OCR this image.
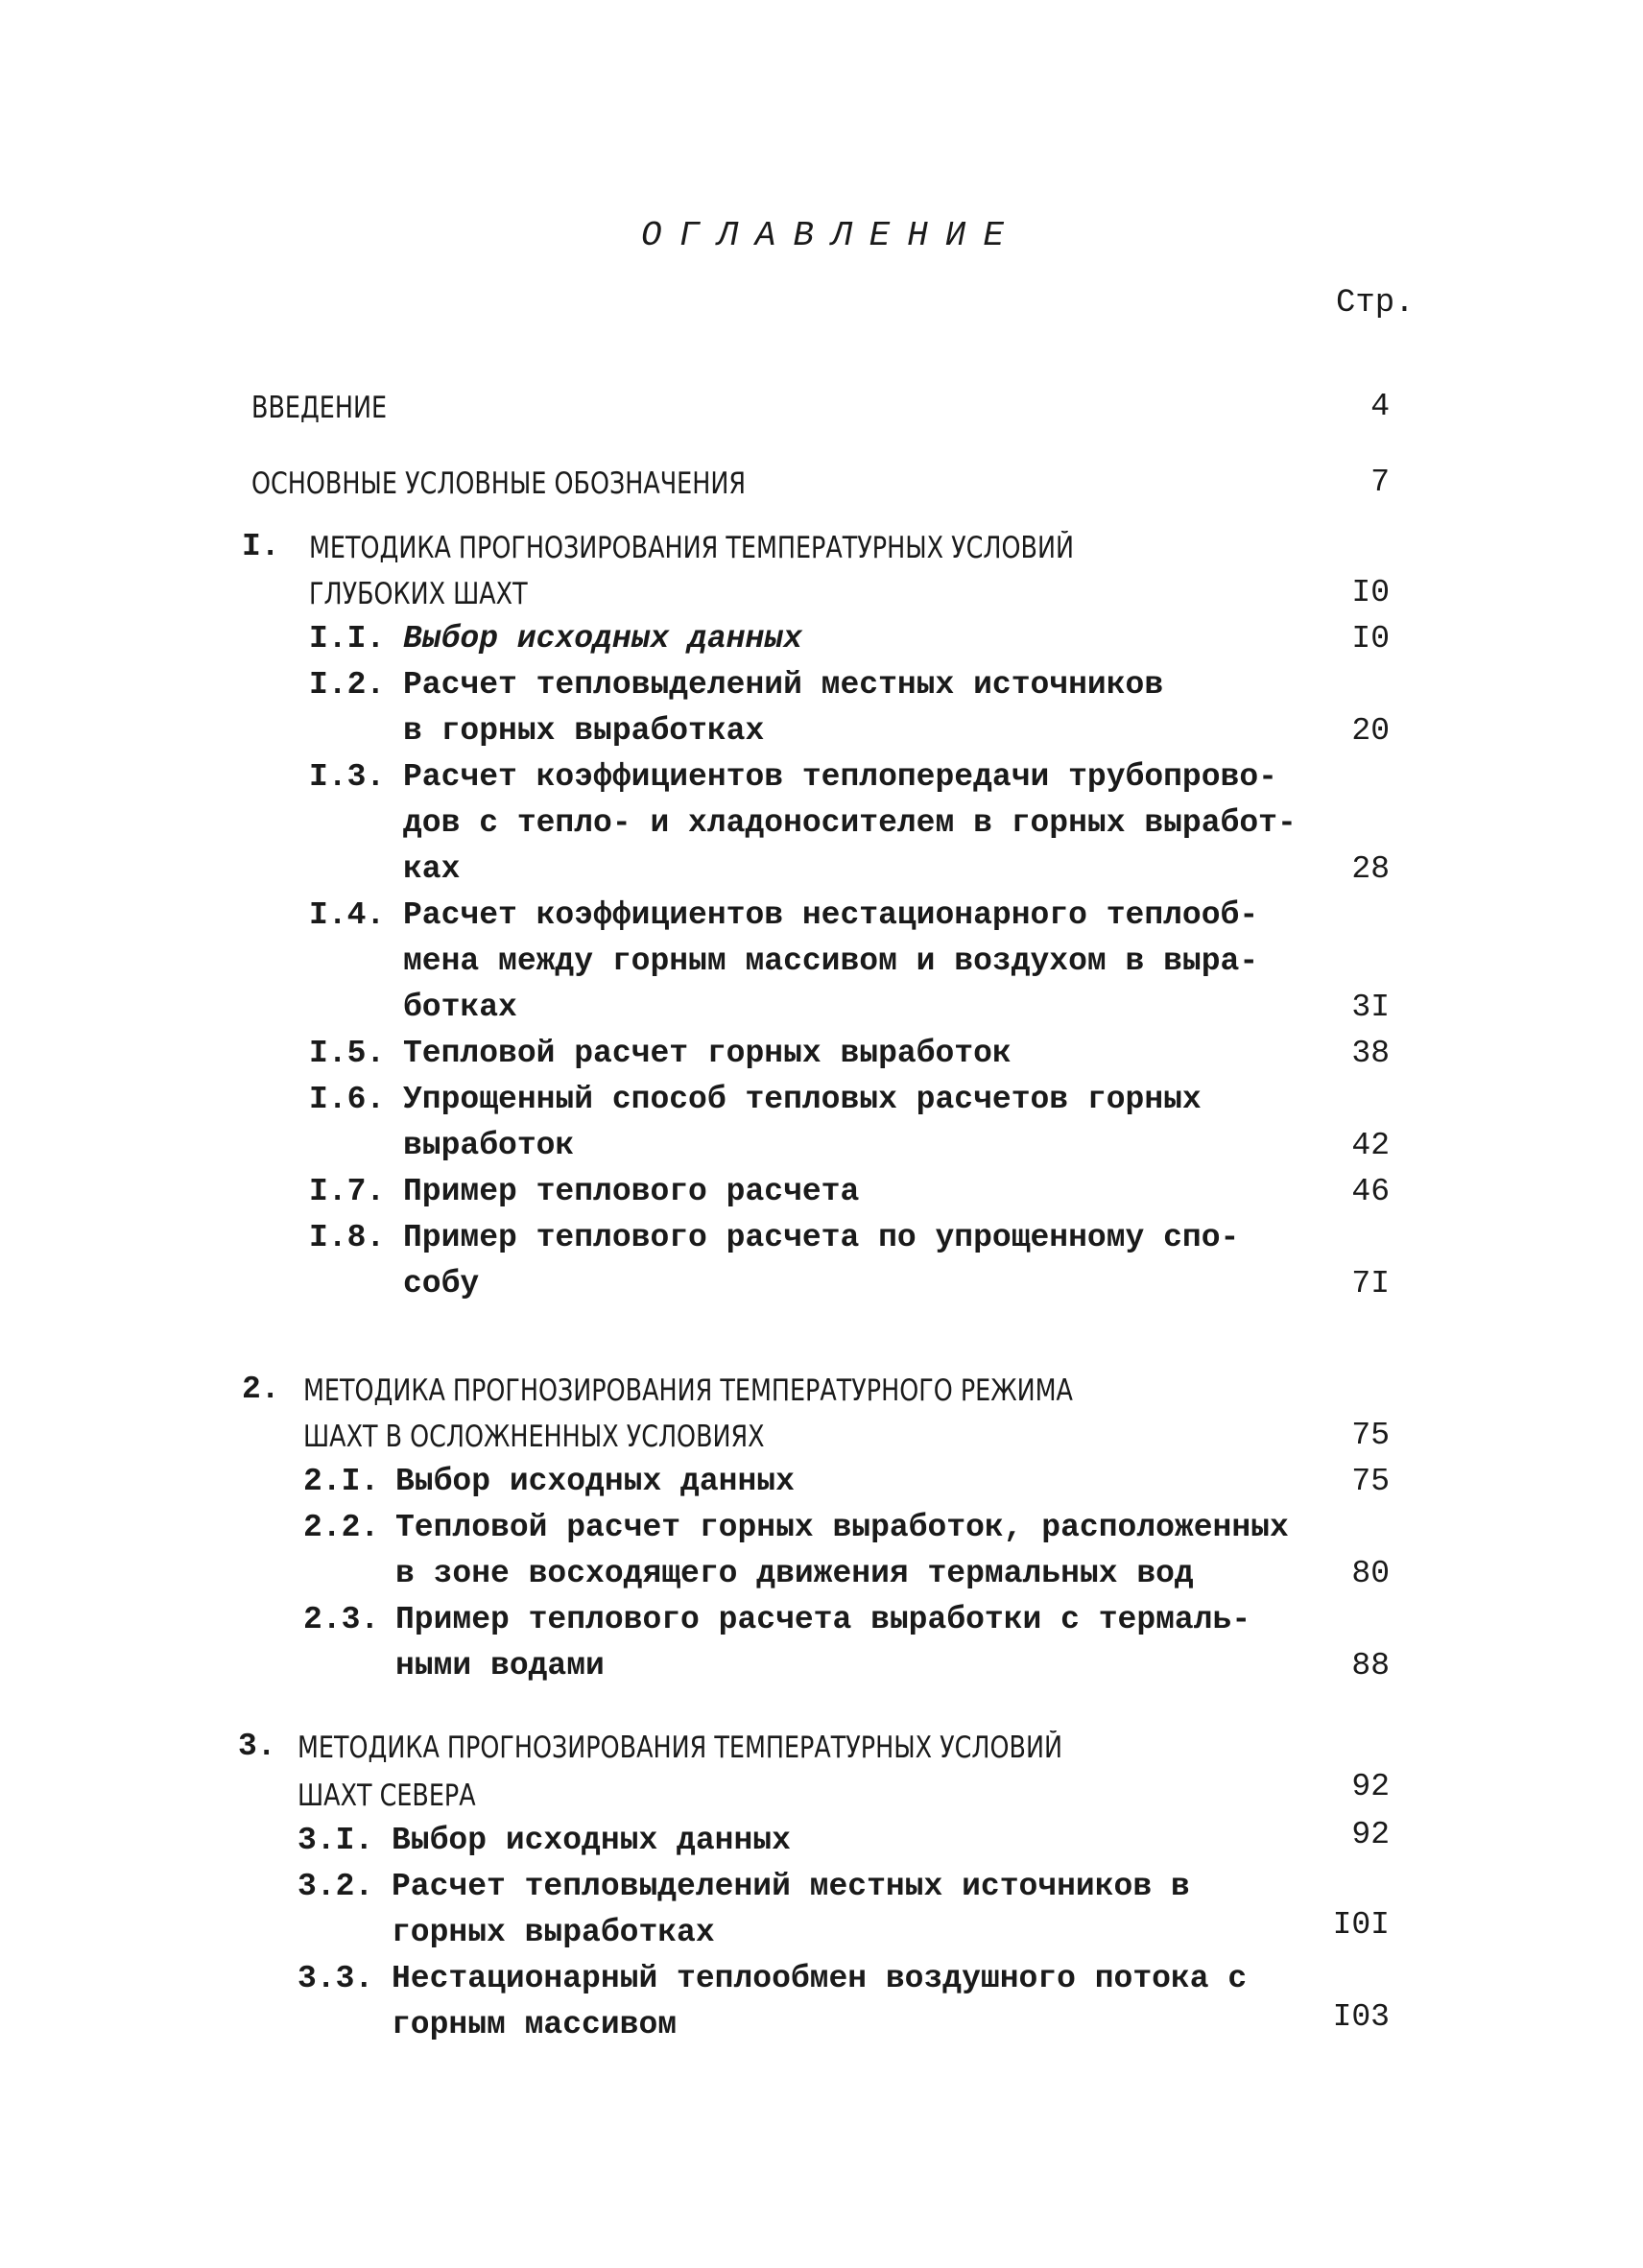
ОГЛАВЛЕНИЕ
Стр.
ВВЕДЕНИЕ	4
ОСНОВНЫЕ УСЛОВНЫЕ ОБОЗНАЧЕНИЯ	7
I. МЕТОДИКА ПРОГНОЗИРОВАНИЯ ТЕМПЕРАТУРНЫХ УСЛОВИЙ
ГЛУБОКИХ ШАХТ	I0
I.I. Выбор исходных данных	I0
I.2. Расчет тепловыделений местных источников
в горных выработках	20
I.3. Расчет коэффициентов теплопередачи трубопрово-
дов с тепло- и хладоносителем в горных выработ-
ках	28
I.4. Расчет коэффициентов нестационарного теплооб-
мена между горным массивом и воздухом в выра-
ботках	3I
I.5. Тепловой расчет горных выработок	38
I.6. Упрощенный способ тепловых расчетов горных
выработок	42
I.7. Пример теплового расчета	46
I.8. Пример теплового расчета по упрощенному спо-
собу	7I
2. МЕТОДИКА ПРОГНОЗИРОВАНИЯ ТЕМПЕРАТУРНОГО РЕЖИМА
ШАХТ В ОСЛОЖНЕННЫХ УСЛОВИЯХ	75
2.I. Выбор исходных данных	75
2.2. Тепловой расчет горных выработок, расположенных
в зоне восходящего движения термальных вод	80
2.3. Пример теплового расчета выработки с термаль-
ными водами	88
3. МЕТОДИКА ПРОГНОЗИРОВАНИЯ ТЕМПЕРАТУРНЫХ УСЛОВИЙ
ШАХТ СЕВЕРА	92
3.I. Выбор исходных данных	92
3.2. Расчет тепловыделений местных источников в
горных выработках	I0I
3.3. Нестационарный теплообмен воздушного потока с
горным массивом	I03
